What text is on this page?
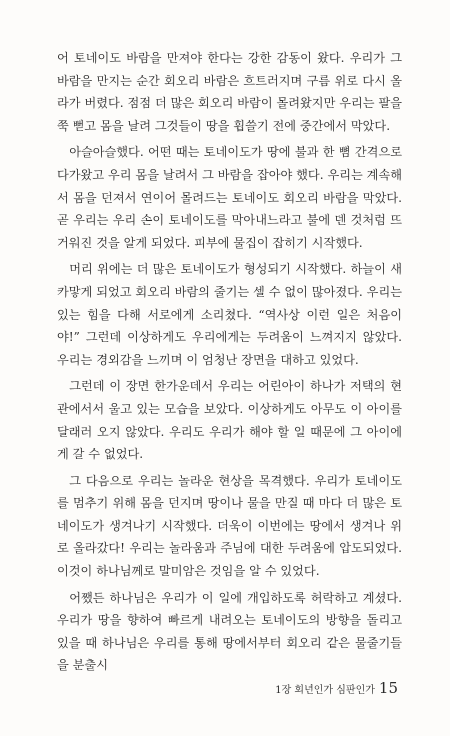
어 토네이도 바람을 만져야 한다는 강한 감동이 왔다. 우리가 그 바람을 만지는 순간 회오리 바람은 흐트러지며 구름 위로 다시 올라가 버렸다. 점점 더 많은 회오리 바람이 몰려왔지만 우리는 팔을 쭉 뻗고 몸을 날려 그것들이 땅을 휩쓸기 전에 중간에서 막았다.

아슬아슬했다. 어떤 때는 토네이도가 땅에 불과 한 뼘 간격으로 다가왔고 우리 몸을 날려서 그 바람을 잡아야 했다. 우리는 계속해서 몸을 던져서 연이어 몰려드는 토네이도 회오리 바람을 막았다. 곧 우리는 우리 손이 토네이도를 막아내느라고 불에 덴 것처럼 뜨거워진 것을 알게 되었다. 피부에 물집이 잡히기 시작했다.

머리 위에는 더 많은 토네이도가 형성되기 시작했다. 하늘이 새카맣게 되었고 회오리 바람의 줄기는 셀 수 없이 많아졌다. 우리는 있는 힘을 다해 서로에게 소리쳤다. “역사상 이런 일은 처음이야!” 그런데 이상하게도 우리에게는 두려움이 느껴지지 않았다. 우리는 경외감을 느끼며 이 엄청난 장면을 대하고 있었다.

그런데 이 장면 한가운데서 우리는 어린아이 하나가 저택의 현관에서서 울고 있는 모습을 보았다. 이상하게도 아무도 이 아이를 달래러 오지 않았다. 우리도 우리가 해야 할 일 때문에 그 아이에게 갈 수 없었다.

그 다음으로 우리는 놀라운 현상을 목격했다. 우리가 토네이도를 멈추기 위해 몸을 던지며 땅이나 물을 만질 때 마다 더 많은 토네이도가 생겨나기 시작했다. 더욱이 이번에는 땅에서 생겨나 위로 올라갔다! 우리는 놀라움과 주님에 대한 두려움에 압도되었다. 이것이 하나님께로 말미암은 것임을 알 수 있었다.

어쨌든 하나님은 우리가 이 일에 개입하도록 허락하고 계셨다. 우리가 땅을 향하여 빠르게 내려오는 토네이도의 방향을 돌리고 있을 때 하나님은 우리를 통해 땅에서부터 회오리 같은 물줄기들을 분출시

1장 회년인가 심판인가 15
